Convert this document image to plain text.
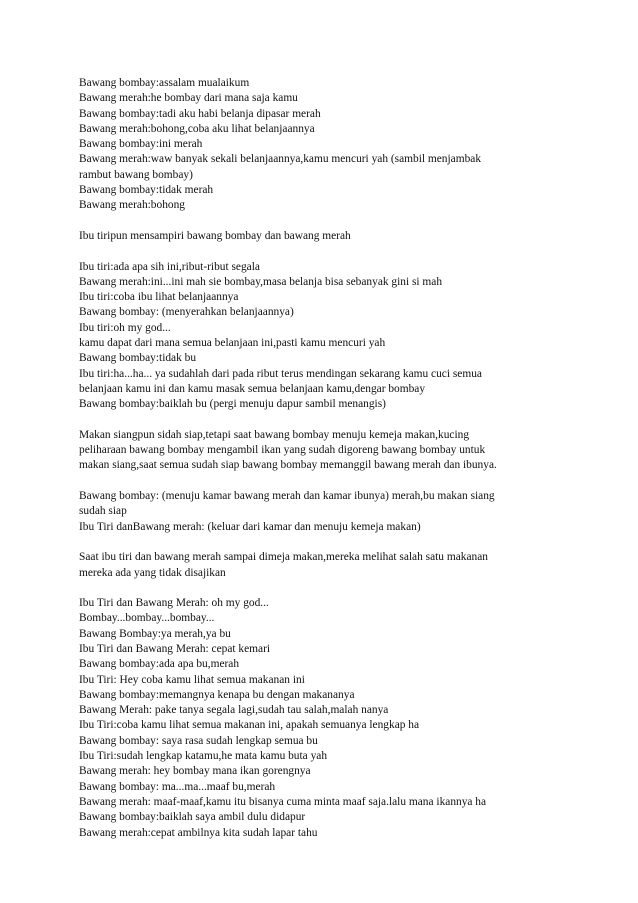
Bawang bombay:assalam mualaikum
Bawang merah:he bombay dari mana saja kamu
Bawang bombay:tadi aku habi belanja dipasar merah
Bawang merah:bohong,coba aku lihat belanjaannya
Bawang bombay:ini merah
Bawang merah:waw banyak sekali belanjaannya,kamu mencuri yah (sambil menjambak
rambut bawang bombay)
Bawang bombay:tidak merah
Bawang merah:bohong
Ibu tiripun mensampiri bawang bombay dan bawang merah
Ibu tiri:ada apa sih ini,ribut-ribut segala
Bawang merah:ini...ini mah sie bombay,masa belanja bisa sebanyak gini si mah
Ibu tiri:coba ibu lihat belanjaannya
Bawang bombay: (menyerahkan belanjaannya)
Ibu tiri:oh my god...
kamu dapat dari mana semua belanjaan ini,pasti kamu mencuri yah
Bawang bombay:tidak bu
Ibu tiri:ha...ha... ya sudahlah dari pada ribut terus mendingan sekarang kamu cuci semua
belanjaan kamu ini dan kamu masak semua belanjaan kamu,dengar bombay
Bawang bombay:baiklah bu (pergi menuju dapur sambil menangis)
Makan siangpun sidah siap,tetapi saat bawang bombay menuju kemeja makan,kucing
peliharaan bawang bombay mengambil ikan yang sudah digoreng bawang bombay untuk
makan siang,saat semua sudah siap bawang bombay memanggil bawang merah dan ibunya.
Bawang bombay: (menuju kamar bawang merah dan kamar ibunya) merah,bu makan siang
sudah siap
Ibu Tiri danBawang merah: (keluar dari kamar dan menuju kemeja makan)
Saat ibu tiri dan bawang merah sampai dimeja makan,mereka melihat salah satu makanan
mereka ada yang tidak disajikan
Ibu Tiri dan Bawang Merah: oh my god...
Bombay...bombay...bombay...
Bawang Bombay:ya merah,ya bu
Ibu Tiri dan Bawang Merah: cepat kemari
Bawang bombay:ada apa bu,merah
Ibu Tiri: Hey coba kamu lihat semua makanan ini
Bawang bombay:memangnya kenapa bu dengan makananya
Bawang Merah: pake tanya segala lagi,sudah tau salah,malah nanya
Ibu Tiri:coba kamu lihat semua makanan ini, apakah semuanya lengkap ha
Bawang bombay: saya rasa sudah lengkap semua bu
Ibu Tiri:sudah lengkap katamu,he mata kamu buta yah
Bawang merah: hey bombay mana ikan gorengnya
Bawang bombay: ma...ma...maaf bu,merah
Bawang merah: maaf-maaf,kamu itu bisanya cuma minta maaf saja.lalu mana ikannya ha
Bawang bombay:baiklah saya ambil dulu didapur
Bawang merah:cepat ambilnya kita sudah lapar tahu
